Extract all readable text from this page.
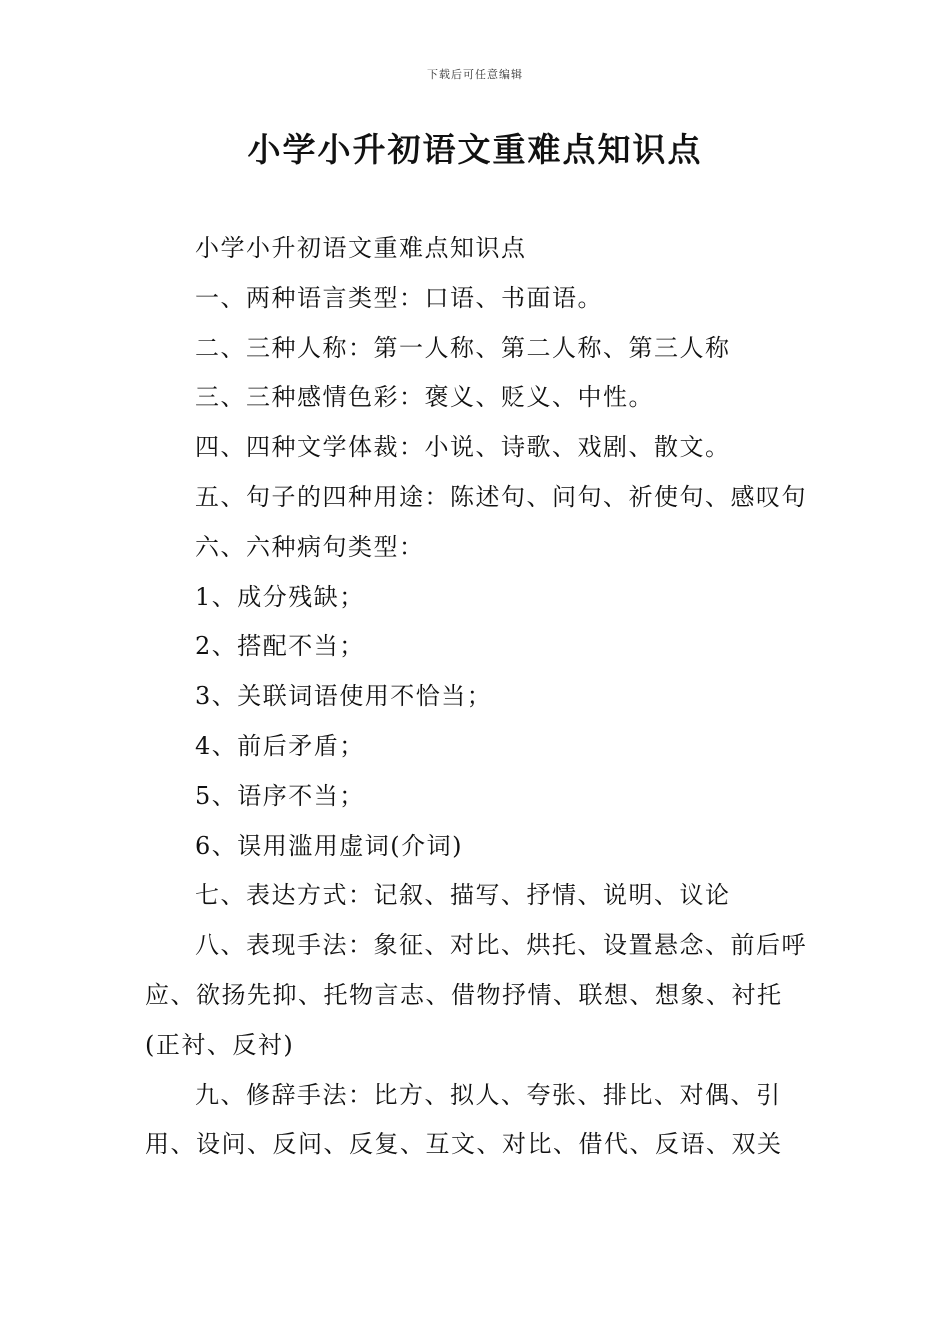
下载后可任意编辑
小学小升初语文重难点知识点

小学小升初语文重难点知识点

一、两种语言类型：口语、书面语。

二、三种人称：第一人称、第二人称、第三人称

三、三种感情色彩：褒义、贬义、中性。

四、四种文学体裁：小说、诗歌、戏剧、散文。

五、句子的四种用途：陈述句、问句、祈使句、感叹句

六、六种病句类型：

1、成分残缺；

2、搭配不当；

3、关联词语使用不恰当；

4、前后矛盾；

5、语序不当；

6、误用滥用虚词(介词)

七、表达方式：记叙、描写、抒情、说明、议论

八、表现手法：象征、对比、烘托、设置悬念、前后呼应、欲扬先抑、托物言志、借物抒情、联想、想象、衬托(正衬、反衬)

九、修辞手法：比方、拟人、夸张、排比、对偶、引用、设问、反问、反复、互文、对比、借代、反语、双关
